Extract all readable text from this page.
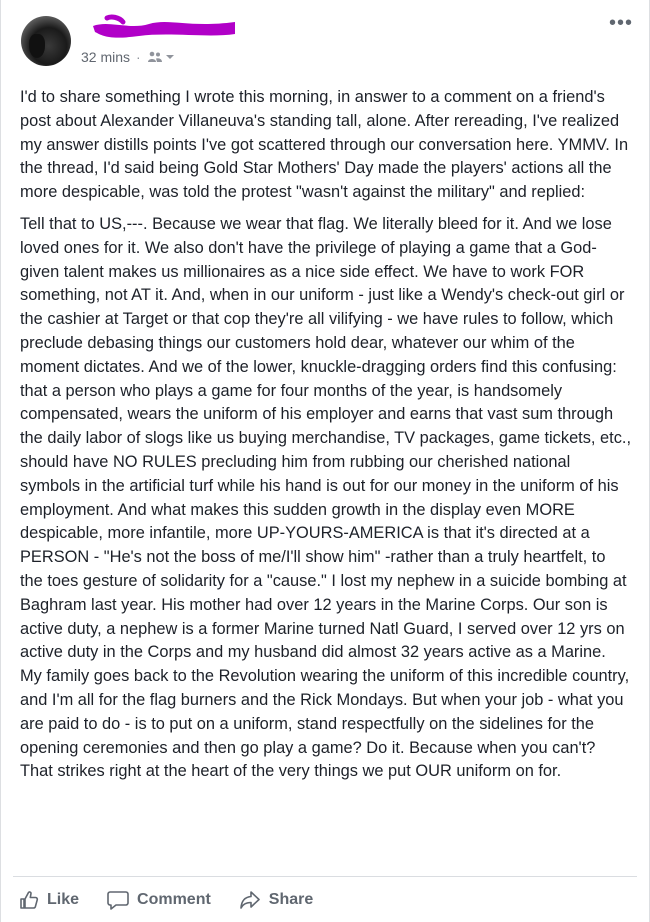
32 mins ·
•••

I'd to share something I wrote this morning, in answer to a comment on a friend's post about Alexander Villaneuva's standing tall, alone. After rereading, I've realized my answer distills points I've got scattered through our conversation here. YMMV. In the thread, I'd said being Gold Star Mothers' Day made the players' actions all the more despicable, was told the protest "wasn't against the military" and replied:

Tell that to US,---. Because we wear that flag. We literally bleed for it. And we lose loved ones for it. We also don't have the privilege of playing a game that a God-given talent makes us millionaires as a nice side effect. We have to work FOR something, not AT it. And, when in our uniform - just like a Wendy's check-out girl or the cashier at Target or that cop they're all vilifying - we have rules to follow, which preclude debasing things our customers hold dear, whatever our whim of the moment dictates. And we of the lower, knuckle-dragging orders find this confusing: that a person who plays a game for four months of the year, is handsomely compensated, wears the uniform of his employer and earns that vast sum through the daily labor of slogs like us buying merchandise, TV packages, game tickets, etc., should have NO RULES precluding him from rubbing our cherished national symbols in the artificial turf while his hand is out for our money in the uniform of his employment. And what makes this sudden growth in the display even MORE despicable, more infantile, more UP-YOURS-AMERICA is that it's directed at a PERSON - "He's not the boss of me/I'll show him" -rather than a truly heartfelt, to the toes gesture of solidarity for a "cause." I lost my nephew in a suicide bombing at Baghram last year. His mother had over 12 years in the Marine Corps. Our son is active duty, a nephew is a former Marine turned Natl Guard, I served over 12 yrs on active duty in the Corps and my husband did almost 32 years active as a Marine. My family goes back to the Revolution wearing the uniform of this incredible country, and I'm all for the flag burners and the Rick Mondays. But when your job - what you are paid to do - is to put on a uniform, stand respectfully on the sidelines for the opening ceremonies and then go play a game? Do it. Because when you can't? That strikes right at the heart of the very things we put OUR uniform on for.

Like	Comment	Share
